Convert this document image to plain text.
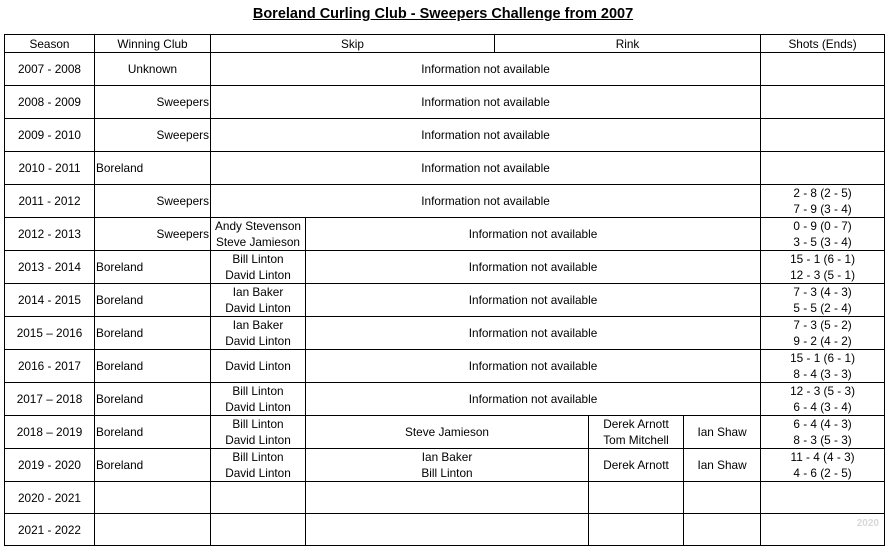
Boreland Curling Club - Sweepers Challenge from 2007
Season	Winning Club	Skip		Rink			Shots (Ends)	
2007 - 2008	Unknown	Information not available	

2008 - 2009	Sweepers	Information not available	

2009 - 2010	Sweepers	Information not available	

2010 - 2011	Boreland	Information not available	

2011 - 2012	Sweepers	Information not available					2 - 8 (2 - 5)
7 - 9 (3 - 4)	

2012 - 2013	Sweepers	Andy Stevenson
Steve Jamieson	Information not available				0 - 9 (0 - 7)
3 - 5 (3 - 4)	

2013 - 2014	Boreland	Bill Linton
David Linton	Information not available				15 - 1 (6 - 1)
12 - 3 (5 - 1)	

2014 - 2015	Boreland	Ian Baker
David Linton	Information not available				7 - 3 (4 - 3)
5 - 5 (2 - 4)	

2015 – 2016	Boreland	Ian Baker
David Linton	Information not available				7 - 3 (5 - 2)
9 - 2 (4 - 2)	

2016 - 2017	Boreland	David Linton	Information not available				15 - 1 (6 - 1)
8 - 4 (3 - 3)	

2017 – 2018	Boreland	Bill Linton
David Linton	Information not available				12 - 3 (5 - 3)
6 - 4 (3 - 4)	

2018 – 2019	Boreland	Bill Linton
David Linton	Steve Jamieson		Derek Arnott
Tom Mitchell	Ian Shaw	6 - 4 (4 - 3)
8 - 3 (5 - 3)	

2019 - 2020	Boreland	Bill Linton
David Linton	Ian Baker
Bill Linton		Derek Arnott	Ian Shaw	11 - 4 (4 - 3)
4 - 6 (2 - 5)	

2020 - 2021			

2021 - 2022			

		2020
